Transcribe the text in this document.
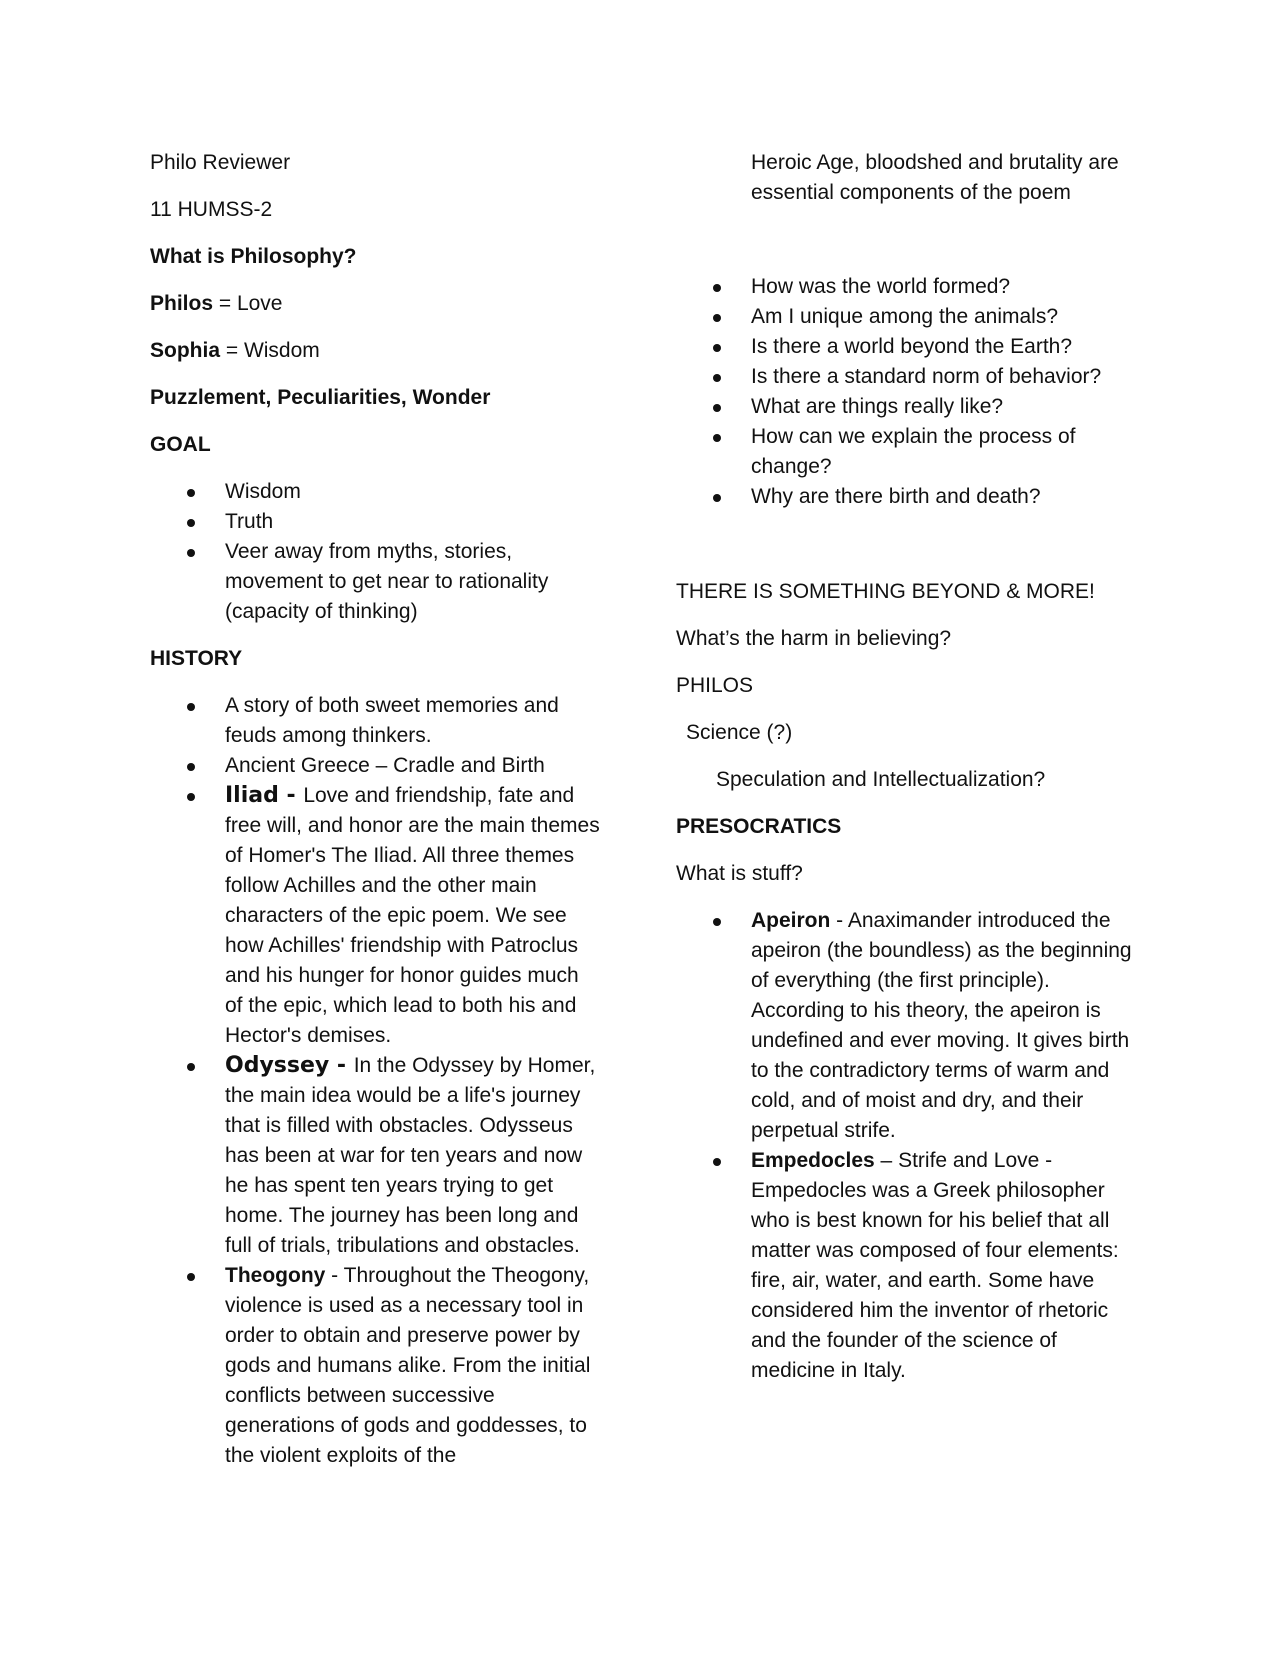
Philo Reviewer

11 HUMSS-2

What is Philosophy?

Philos = Love

Sophia = Wisdom

Puzzlement, Peculiarities, Wonder

GOAL

Wisdom
Truth
Veer away from myths, stories, movement to get near to rationality (capacity of thinking)

HISTORY

A story of both sweet memories and feuds among thinkers.
Ancient Greece – Cradle and Birth
Iliad - Love and friendship, fate and free will, and honor are the main themes of Homer's The Iliad. All three themes follow Achilles and the other main characters of the epic poem. We see how Achilles' friendship with Patroclus and his hunger for honor guides much of the epic, which lead to both his and Hector's demises.
Odyssey - In the Odyssey by Homer, the main idea would be a life's journey that is filled with obstacles. Odysseus has been at war for ten years and now he has spent ten years trying to get home. The journey has been long and full of trials, tribulations and obstacles.
Theogony - Throughout the Theogony, violence is used as a necessary tool in order to obtain and preserve power by gods and humans alike. From the initial conflicts between successive generations of gods and goddesses, to the violent exploits of the

Heroic Age, bloodshed and brutality are essential components of the poem

How was the world formed?
Am I unique among the animals?
Is there a world beyond the Earth?
Is there a standard norm of behavior?
What are things really like?
How can we explain the process of change?
Why are there birth and death?

THERE IS SOMETHING BEYOND & MORE!

What’s the harm in believing?

PHILOS

Science (?)

Speculation and Intellectualization?

PRESOCRATICS

What is stuff?

Apeiron - Anaximander introduced the apeiron (the boundless) as the beginning of everything (the first principle). According to his theory, the apeiron is undefined and ever moving. It gives birth to the contradictory terms of warm and cold, and of moist and dry, and their perpetual strife.
Empedocles – Strife and Love - Empedocles was a Greek philosopher who is best known for his belief that all matter was composed of four elements: fire, air, water, and earth. Some have considered him the inventor of rhetoric and the founder of the science of medicine in Italy.
